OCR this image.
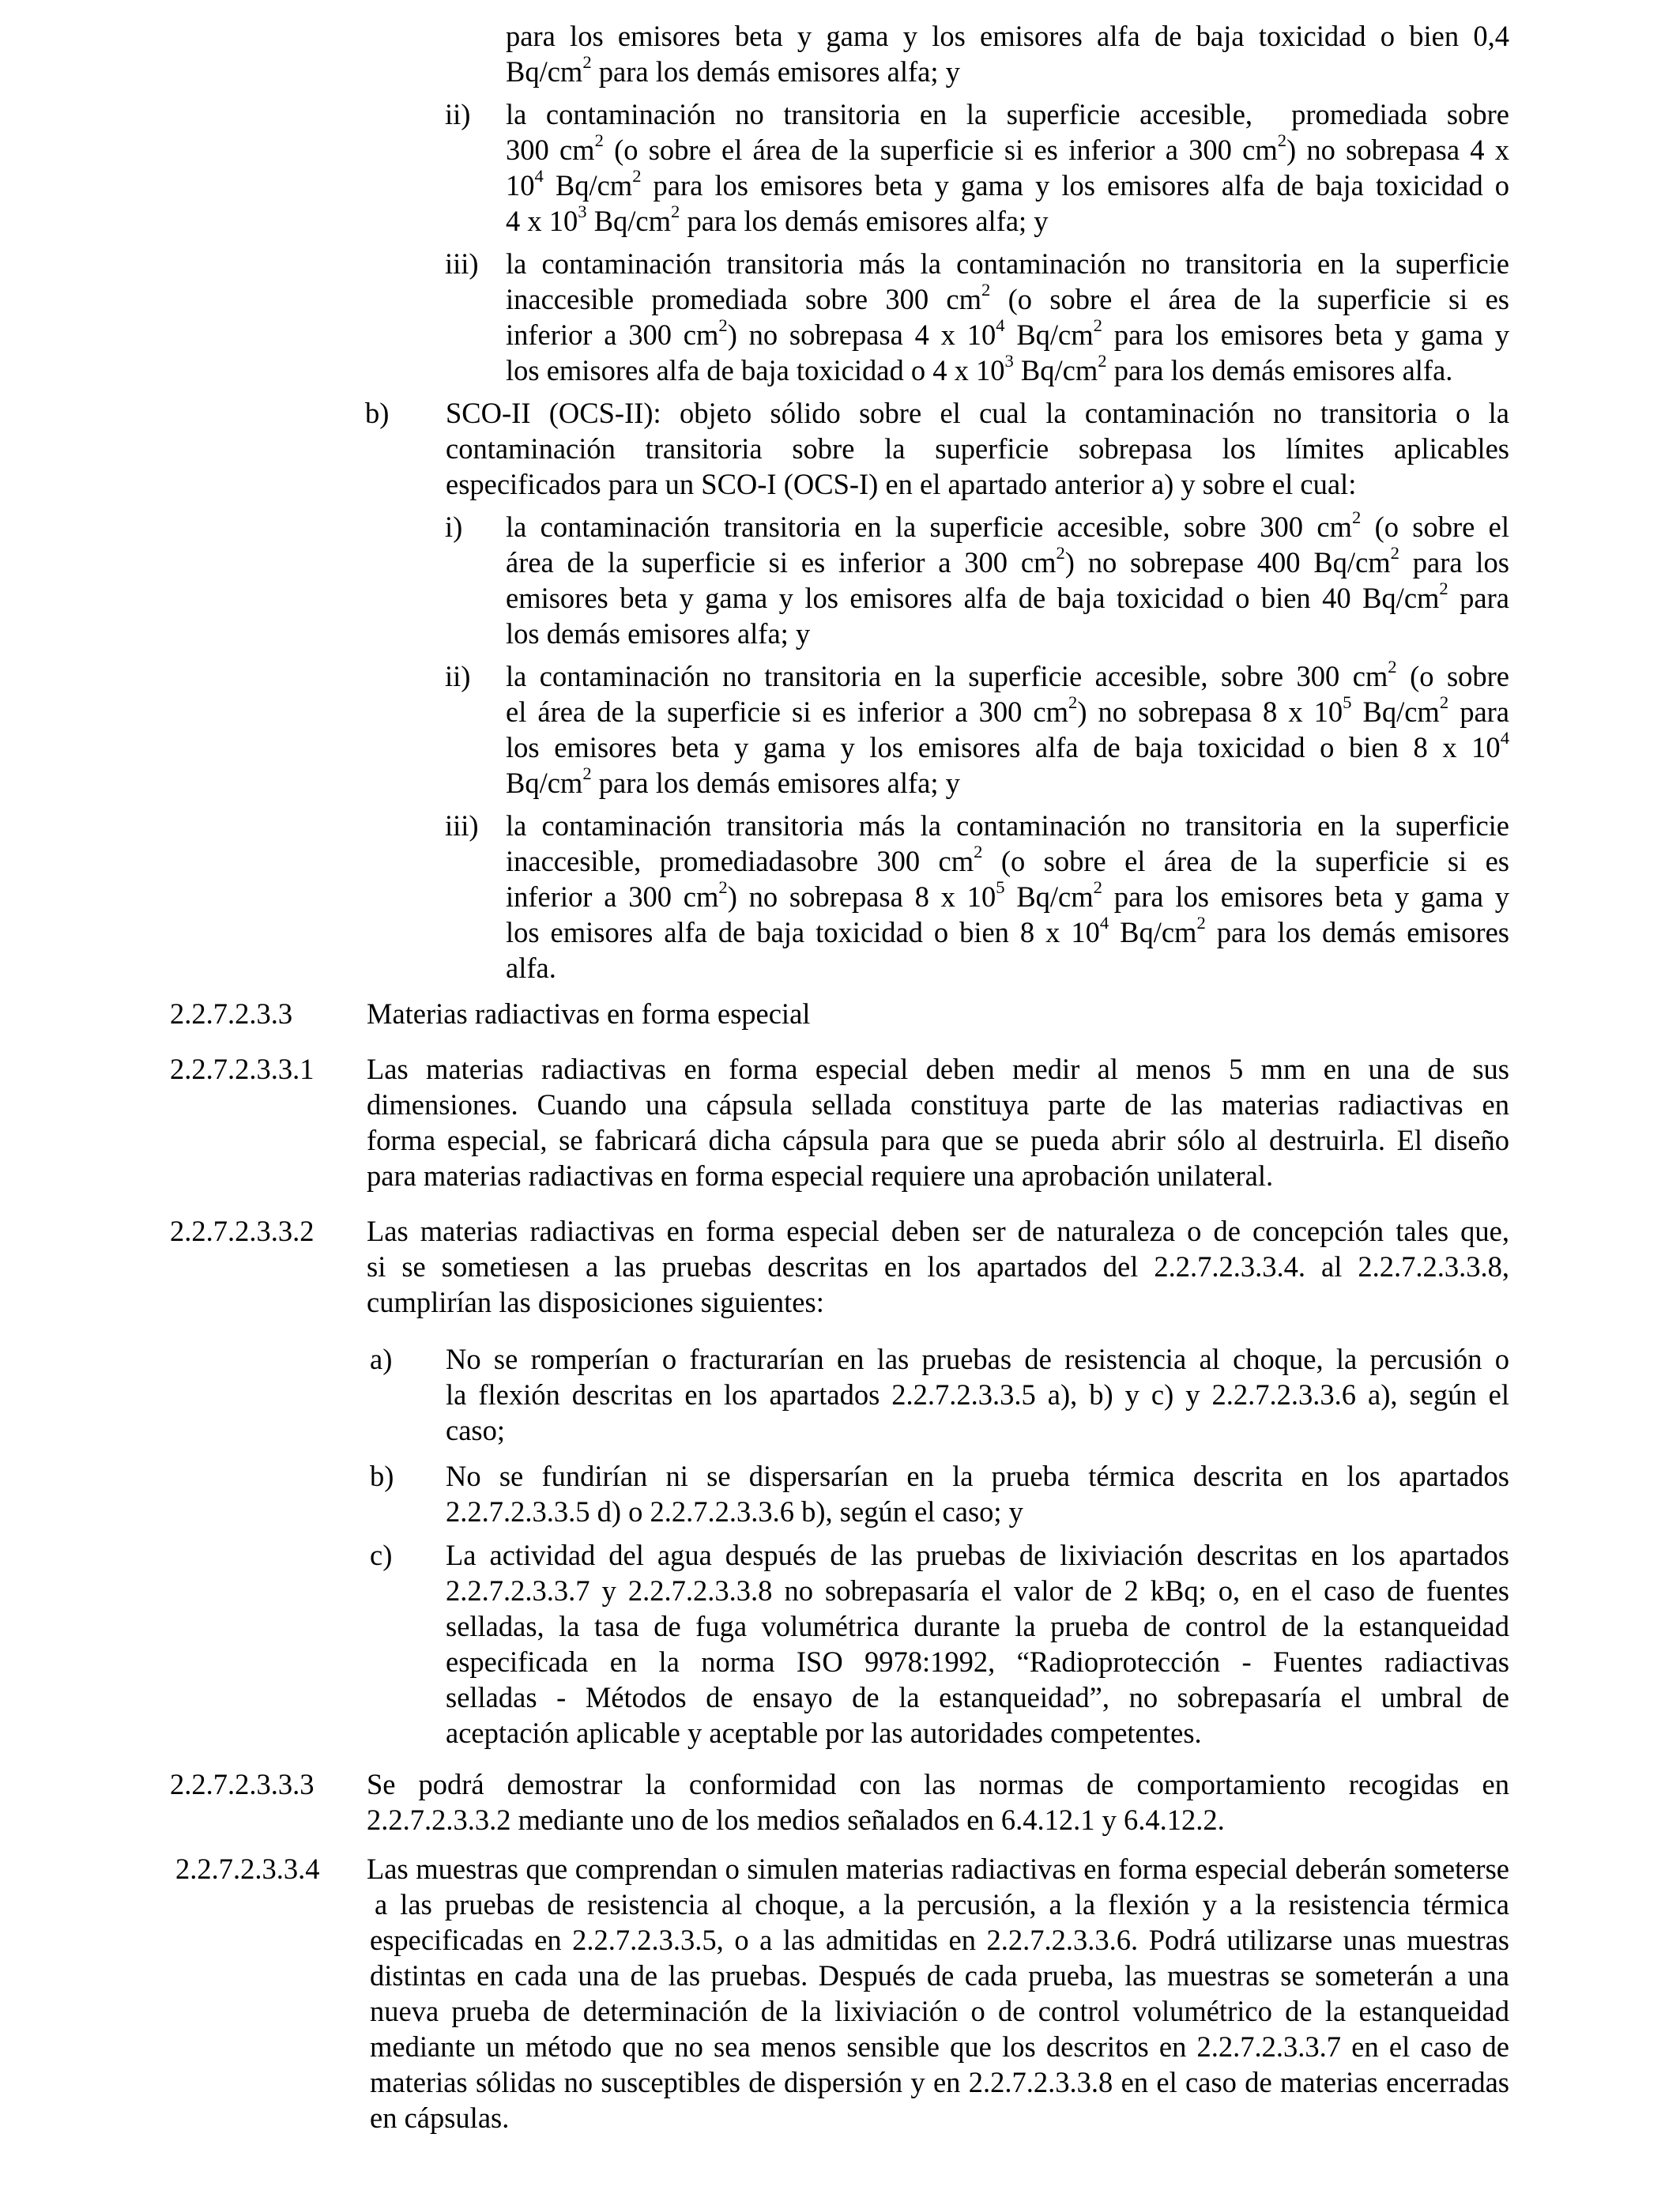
para los emisores beta y gama y los emisores alfa de baja toxicidad o bien 0,4
$Bq/cm^2$ para los demás emisores alfa; y
ii) la contaminación no transitoria en la superficie accesible,  promediada sobre
300 $cm^2$ (o sobre el área de la superficie si es inferior a 300 $cm^2$) no sobrepasa 4 x
$10^4$ $Bq/cm^2$ para los emisores beta y gama y los emisores alfa de baja toxicidad o
4 x $10^3$ $Bq/cm^2$ para los demás emisores alfa; y
iii) la contaminación transitoria más la contaminación no transitoria en la superficie
inaccesible promediada sobre 300 $cm^2$ (o sobre el área de la superficie si es
inferior a 300 $cm^2$) no sobrepasa 4 x $10^4$ $Bq/cm^2$ para los emisores beta y gama y
los emisores alfa de baja toxicidad o 4 x $10^3$ $Bq/cm^2$ para los demás emisores alfa.
b) SCO-II (OCS-II): objeto sólido sobre el cual la contaminación no transitoria o la
contaminación transitoria sobre la superficie sobrepasa los límites aplicables
especificados para un SCO-I (OCS-I) en el apartado anterior a) y sobre el cual:
i) la contaminación transitoria en la superficie accesible, sobre 300 $cm^2$ (o sobre el
área de la superficie si es inferior a 300 $cm^2$) no sobrepase 400 $Bq/cm^2$ para los
emisores beta y gama y los emisores alfa de baja toxicidad o bien 40 $Bq/cm^2$ para
los demás emisores alfa; y
ii) la contaminación no transitoria en la superficie accesible, sobre 300 $cm^2$ (o sobre
el área de la superficie si es inferior a 300 $cm^2$) no sobrepasa 8 x $10^5$ $Bq/cm^2$ para
los emisores beta y gama y los emisores alfa de baja toxicidad o bien 8 x $10^4$
$Bq/cm^2$ para los demás emisores alfa; y
iii) la contaminación transitoria más la contaminación no transitoria en la superficie
inaccesible, promediadasobre 300 $cm^2$ (o sobre el área de la superficie si es
inferior a 300 $cm^2$) no sobrepasa 8 x $10^5$ $Bq/cm^2$ para los emisores beta y gama y
los emisores alfa de baja toxicidad o bien 8 x $10^4$ $Bq/cm^2$ para los demás emisores
alfa.
2.2.7.2.3.3	Materias radiactivas en forma especial
2.2.7.2.3.3.1 Las materias radiactivas en forma especial deben medir al menos 5 mm en una de sus
dimensiones. Cuando una cápsula sellada constituya parte de las materias radiactivas en
forma especial, se fabricará dicha cápsula para que se pueda abrir sólo al destruirla. El diseño
para materias radiactivas en forma especial requiere una aprobación unilateral.
2.2.7.2.3.3.2 Las materias radiactivas en forma especial deben ser de naturaleza o de concepción tales que,
si se sometiesen a las pruebas descritas en los apartados del 2.2.7.2.3.3.4. al 2.2.7.2.3.3.8,
cumplirían las disposiciones siguientes:
a) No se romperían o fracturarían en las pruebas de resistencia al choque, la percusión o
la flexión descritas en los apartados 2.2.7.2.3.3.5 a), b) y c) y 2.2.7.2.3.3.6 a), según el
caso;
b) No se fundirían ni se dispersarían en la prueba térmica descrita en los apartados
2.2.7.2.3.3.5 d) o 2.2.7.2.3.3.6 b), según el caso; y
c) La actividad del agua después de las pruebas de lixiviación descritas en los apartados
2.2.7.2.3.3.7 y 2.2.7.2.3.3.8 no sobrepasaría el valor de 2 kBq; o, en el caso de fuentes
selladas, la tasa de fuga volumétrica durante la prueba de control de la estanqueidad
especificada en la norma ISO 9978:1992, “Radioprotección - Fuentes radiactivas
selladas - Métodos de ensayo de la estanqueidad”, no sobrepasaría el umbral de
aceptación aplicable y aceptable por las autoridades competentes.
2.2.7.2.3.3.3 Se podrá demostrar la conformidad con las normas de comportamiento recogidas en
2.2.7.2.3.3.2 mediante uno de los medios señalados en 6.4.12.1 y 6.4.12.2.
2.2.7.2.3.3.4 Las muestras que comprendan o simulen materias radiactivas en forma especial deberán someterse
a las pruebas de resistencia al choque, a la percusión, a la flexión y a la resistencia térmica
especificadas en 2.2.7.2.3.3.5, o a las admitidas en 2.2.7.2.3.3.6. Podrá utilizarse unas muestras
distintas en cada una de las pruebas. Después de cada prueba, las muestras se someterán a una
nueva prueba de determinación de la lixiviación o de control volumétrico de la estanqueidad
mediante un método que no sea menos sensible que los descritos en 2.2.7.2.3.3.7 en el caso de
materias sólidas no susceptibles de dispersión y en 2.2.7.2.3.3.8 en el caso de materias encerradas
en cápsulas.
